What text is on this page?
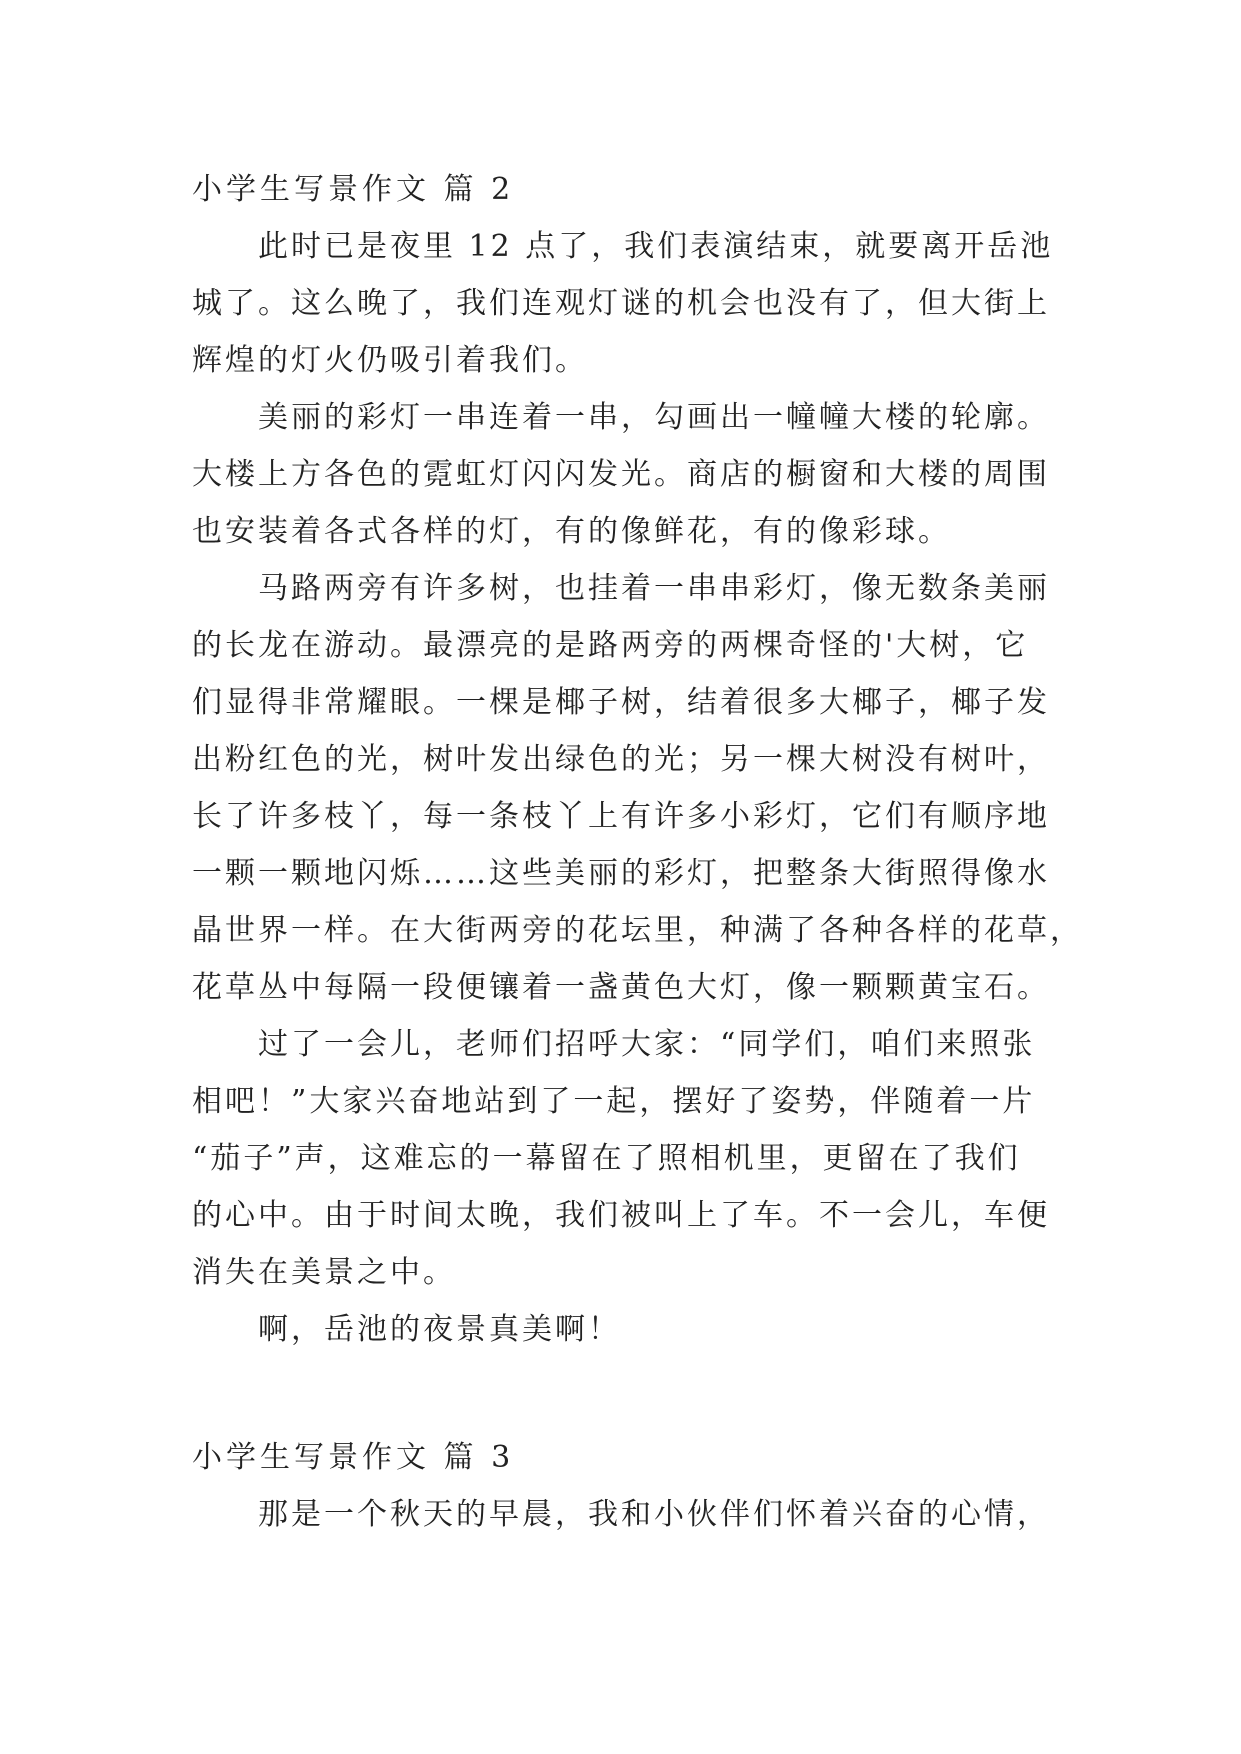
小学生写景作文 篇 2
此时已是夜里 12 点了，我们表演结束，就要离开岳池
城了。这么晚了，我们连观灯谜的机会也没有了，但大街上
辉煌的灯火仍吸引着我们。
美丽的彩灯一串连着一串，勾画出一幢幢大楼的轮廓。
大楼上方各色的霓虹灯闪闪发光。商店的橱窗和大楼的周围
也安装着各式各样的灯，有的像鲜花，有的像彩球。
马路两旁有许多树，也挂着一串串彩灯，像无数条美丽
的长龙在游动。最漂亮的是路两旁的两棵奇怪的'大树，它
们显得非常耀眼。一棵是椰子树，结着很多大椰子，椰子发
出粉红色的光，树叶发出绿色的光；另一棵大树没有树叶，
长了许多枝丫，每一条枝丫上有许多小彩灯，它们有顺序地
一颗一颗地闪烁……这些美丽的彩灯，把整条大街照得像水
晶世界一样。在大街两旁的花坛里，种满了各种各样的花草，
花草丛中每隔一段便镶着一盏黄色大灯，像一颗颗黄宝石。
过了一会儿，老师们招呼大家：“同学们，咱们来照张
相吧！”大家兴奋地站到了一起，摆好了姿势，伴随着一片
“茄子”声，这难忘的一幕留在了照相机里，更留在了我们
的心中。由于时间太晚，我们被叫上了车。不一会儿，车便
消失在美景之中。
啊，岳池的夜景真美啊！
小学生写景作文 篇 3
那是一个秋天的早晨，我和小伙伴们怀着兴奋的心情，
